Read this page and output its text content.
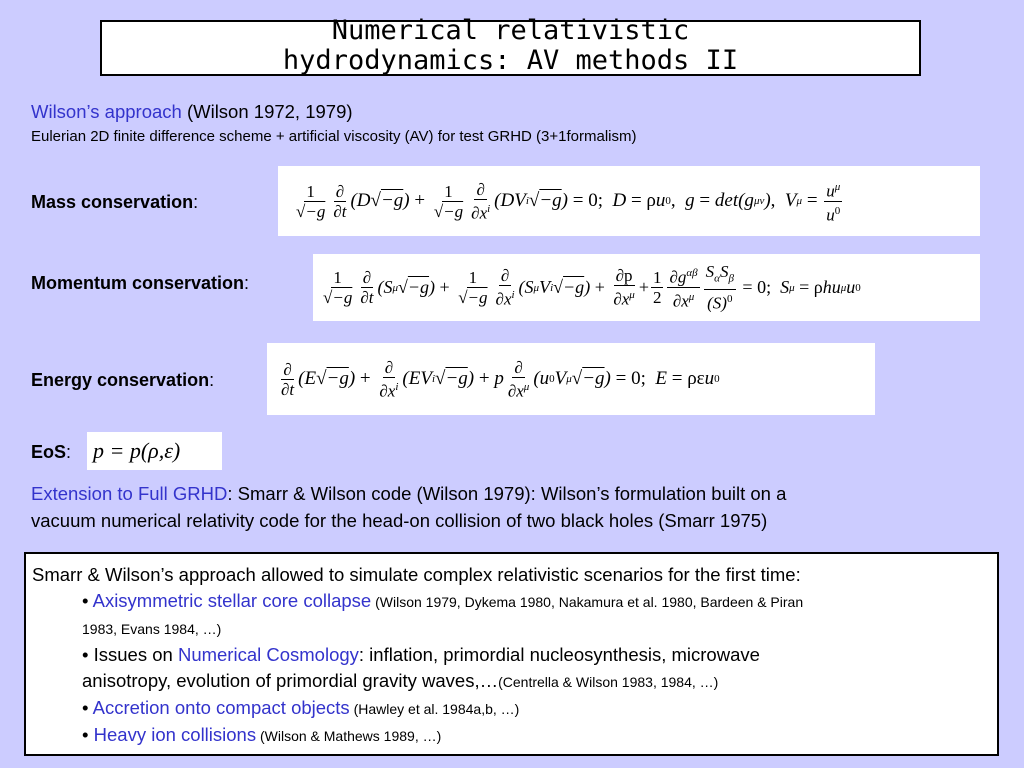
Numerical relativistic hydrodynamics: AV methods II
Wilson’s approach (Wilson 1972, 1979)
Eulerian 2D finite difference scheme + artificial viscosity (AV) for test GRHD (3+1formalism)
Mass conservation:	$\frac{1}{√-g} \frac{\partial}{\partial t} (D√ -g$ ) + $\frac{1}{√-g} \frac{\partial}{\partial x^i} (DV$ i √ −g ) = 0; D = ρ u 0 , g = det(g μν ) , V $\mu = \frac{u^\mu}{u^0}$
Momentum conservation:	$\frac{1}{√-g} \frac{\partial}{\partial t} (S$ μ √ −g ) + $\frac{1}{√-g} \frac{\partial}{\partial x^i} (S$ μ V i √ −g ) + $\frac{\partial p}{\partial x^\mu} + \frac{1}{2} \frac{\partial g^{\alpha\beta}}{\partial x^\mu} \frac{S_\alpha S_\beta}{(S)^0} = 0$; S μ = ρ hu μ u 0
Energy conservation:	$\frac{\partial}{\partial t} (E√ -g$ ) + $\frac{\partial}{\partial x^i} (EV$ i √ −g ) + p $\frac{\partial}{\partial x^\mu} (u$ 0 V μ √ −g ) = 0; E = ρε u 0
EoS: p = p(ρ,ε)
Extension to Full GRHD: Smarr & Wilson code (Wilson 1979): Wilson’s formulation built on a
vacuum numerical relativity code for the head-on collision of two black holes (Smarr 1975)
Smarr & Wilson’s approach allowed to simulate complex relativistic scenarios for the first time:
• Axisymmetric stellar core collapse (Wilson 1979, Dykema 1980, Nakamura et al. 1980, Bardeen & Piran
1983, Evans 1984, …)
• Issues on Numerical Cosmology: inflation, primordial nucleosynthesis, microwave
anisotropy, evolution of primordial gravity waves,…(Centrella & Wilson 1983, 1984, …)
• Accretion onto compact objects (Hawley et al. 1984a,b, …)
• Heavy ion collisions (Wilson & Mathews 1989, …)
